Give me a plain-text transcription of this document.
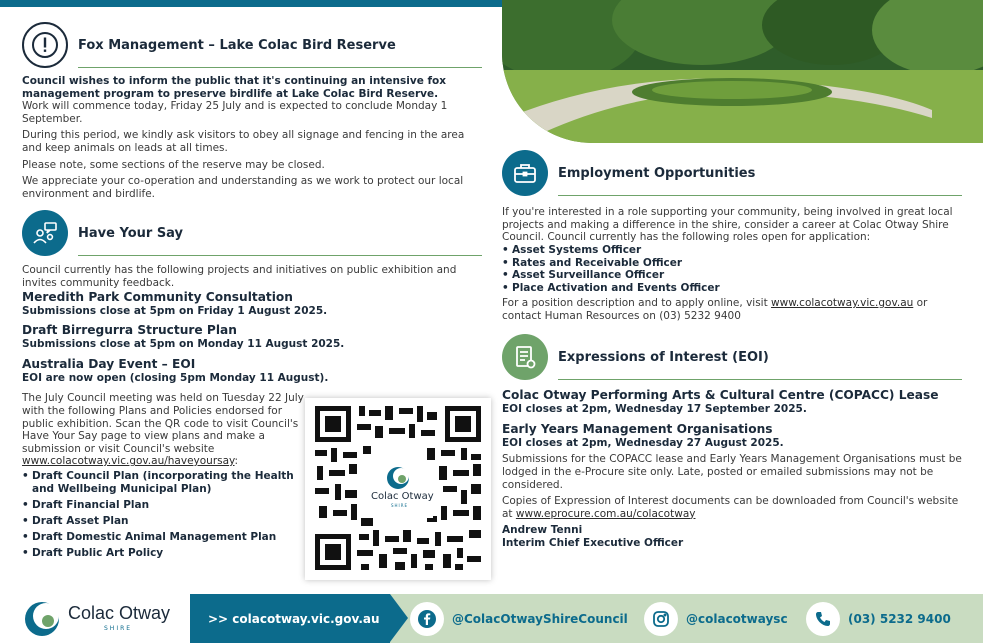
Fox Management – Lake Colac Bird Reserve

Council wishes to inform the public that it's continuing an intensive fox management program to preserve birdlife at Lake Colac Bird Reserve.

Work will commence today, Friday 25 July and is expected to conclude Monday 1 September.

During this period, we kindly ask visitors to obey all signage and fencing in the area and keep animals on leads at all times.

Please note, some sections of the reserve may be closed.

We appreciate your co-operation and understanding as we work to protect our local environment and birdlife.

Have Your Say

Council currently has the following projects and initiatives on public exhibition and invites community feedback.

Meredith Park Community Consultation

Submissions close at 5pm on Friday 1 August 2025.

Draft Birregurra Structure Plan

Submissions close at 5pm on Monday 11 August 2025.

Australia Day Event – EOI

EOI are now open (closing 5pm Monday 11 August).

The July Council meeting was held on Tuesday 22 July with the following Plans and Policies endorsed for public exhibition. Scan the QR code to visit Council's Have Your Say page to view plans and make a submission or visit Council's website www.colacotway.vic.gov.au/haveyoursay:

• Draft Council Plan (incorporating the Health and Wellbeing Municipal Plan)
• Draft Financial Plan
• Draft Asset Plan
• Draft Domestic Animal Management Plan
• Draft Public Art Policy
Colac Otway
SHIRE
Employment Opportunities

If you're interested in a role supporting your community, being involved in great local projects and making a difference in the shire, consider a career at Colac Otway Shire Council. Council currently has the following roles open for application:

• Asset Systems Officer
• Rates and Receivable Officer
• Asset Surveillance Officer
• Place Activation and Events Officer

For a position description and to apply online, visit www.colacotway.vic.gov.au or contact Human Resources on (03) 5232 9400

Expressions of Interest (EOI)

Colac Otway Performing Arts & Cultural Centre (COPACC) Lease

EOI closes at 2pm, Wednesday 17 September 2025.

Early Years Management Organisations

EOI closes at 2pm, Wednesday 27 August 2025.

Submissions for the COPACC lease and Early Years Management Organisations must be lodged in the e-Procure site only. Late, posted or emailed submissions may not be considered.

Copies of Expression of Interest documents can be downloaded from Council's website at www.eprocure.com.au/colacotway

Andrew Tenni

Interim Chief Executive Officer

Colac Otway
SHIRE
>> colacotway.vic.gov.au	@ColacOtwayShireCouncil	@colacotwaysc	(03) 5232 9400
